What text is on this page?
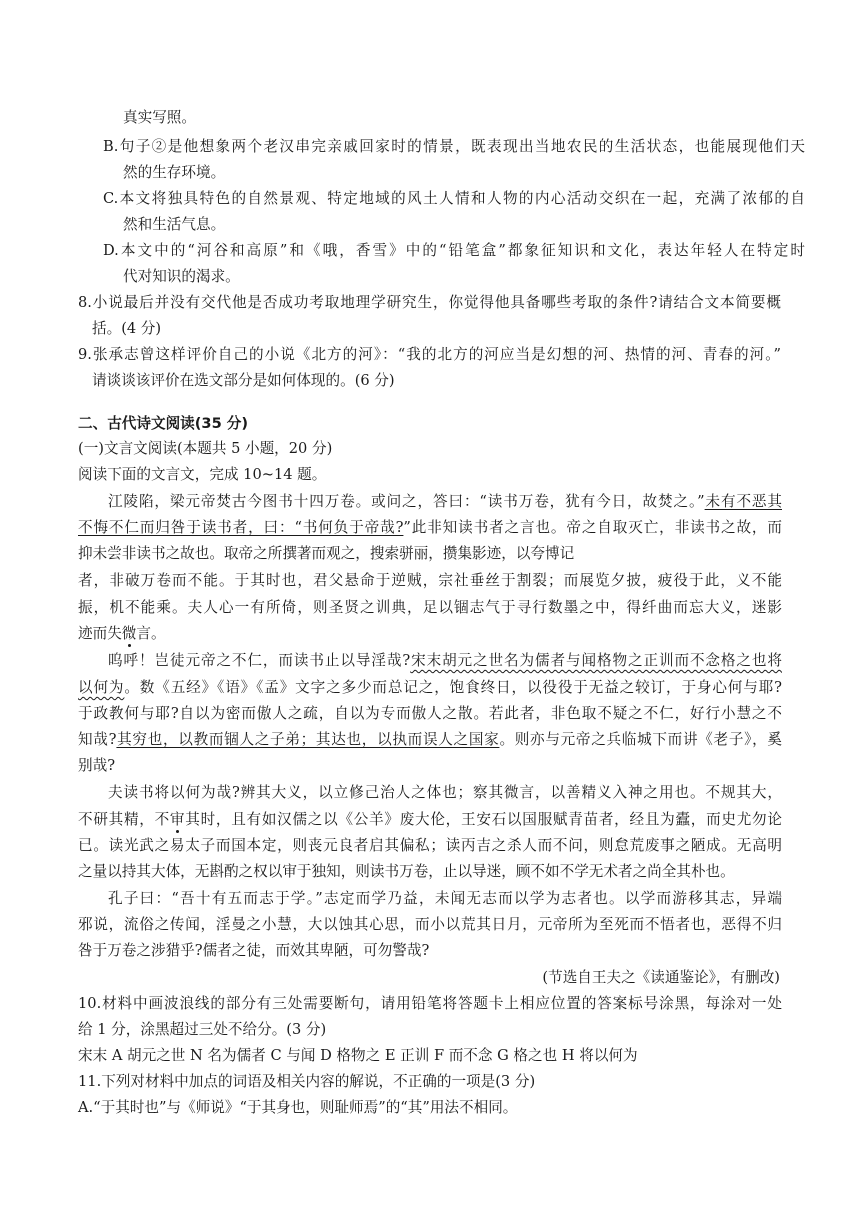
真实写照。
B.句子②是他想象两个老汉串完亲戚回家时的情景，既表现出当地农民的生活状态，也能展现他们天
然的生存环境。
C.本文将独具特色的自然景观、特定地域的风土人情和人物的内心活动交织在一起，充满了浓郁的自
然和生活气息。
D.本文中的“河谷和高原”和《哦，香雪》中的“铅笔盒”都象征知识和文化，表达年轻人在特定时
代对知识的渴求。
8.小说最后并没有交代他是否成功考取地理学研究生，你觉得他具备哪些考取的条件?请结合文本简要概
括。(4 分)
9.张承志曾这样评价自己的小说《北方的河》：“我的北方的河应当是幻想的河、热情的河、青春的河。”
请谈谈该评价在选文部分是如何体现的。(6 分)
二、古代诗文阅读(35 分)
(一)文言文阅读(本题共 5 小题，20 分)
阅读下面的文言文，完成 10~14 题。
江陵陷，梁元帝焚古今图书十四万卷。或问之，答曰：“读书万卷，犹有今日，故焚之。”未有不恶其
不悔不仁而归咎于读书者，曰：“书何负于帝哉?”此非知读书者之言也。帝之自取灭亡，非读书之故，而
抑未尝非读书之故也。取帝之所撰著而观之，搜索骈丽，攒集影迹，以夸博记
者，非破万卷而不能。于其时也，君父悬命于逆贼，宗社垂丝于割裂；而展览夕披，疲役于此，义不能
振，机不能乘。夫人心一有所倚，则圣贤之训典，足以锢志气于寻行数墨之中，得纤曲而忘大义，迷影
迹而失微言。
呜呼！岂徒元帝之不仁，而读书止以导淫哉?宋末胡元之世名为儒者与闻格物之正训而不念格之也将
以何为。数《五经》《语》《孟》文字之多少而总记之，饱食终日，以役役于无益之较订，于身心何与耶?
于政教何与耶?自以为密而傲人之疏，自以为专而傲人之散。若此者，非色取不疑之不仁，好行小慧之不
知哉?其穷也，以教而锢人之子弟；其达也，以执而误人之国家。则亦与元帝之兵临城下而讲《老子》，奚
别哉?
夫读书将以何为哉?辨其大义，以立修己治人之体也；察其微言，以善精义入神之用也。不规其大，
不研其精，不审其时，且有如汉儒之以《公羊》废大伦，王安石以国服赋青苗者，经且为蠹，而史尤勿论
已。读光武之易太子而国本定，则丧元良者启其偏私；读丙吉之杀人而不问，则怠荒废事之陋成。无高明
之量以持其大体，无斟酌之权以审于独知，则读书万卷，止以导迷，顾不如不学无术者之尚全其朴也。
孔子曰：“吾十有五而志于学。”志定而学乃益，未闻无志而以学为志者也。以学而游移其志，异端
邪说，流俗之传闻，淫曼之小慧，大以蚀其心思，而小以荒其日月，元帝所为至死而不悟者也，恶得不归
咎于万卷之涉猎乎?儒者之徒，而效其卑陋，可勿警哉?
(节选自王夫之《读通鉴论》，有删改)
10.材料中画波浪线的部分有三处需要断句，请用铅笔将答题卡上相应位置的答案标号涂黑，每涂对一处
给 1 分，涂黑超过三处不给分。(3 分)
宋末 A 胡元之世 N 名为儒者 C 与闻 D 格物之 E 正训 F 而不念 G 格之也 H 将以何为
11.下列对材料中加点的词语及相关内容的解说，不正确的一项是(3 分)
A.“于其时也”与《师说》“于其身也，则耻师焉”的“其”用法不相同。
